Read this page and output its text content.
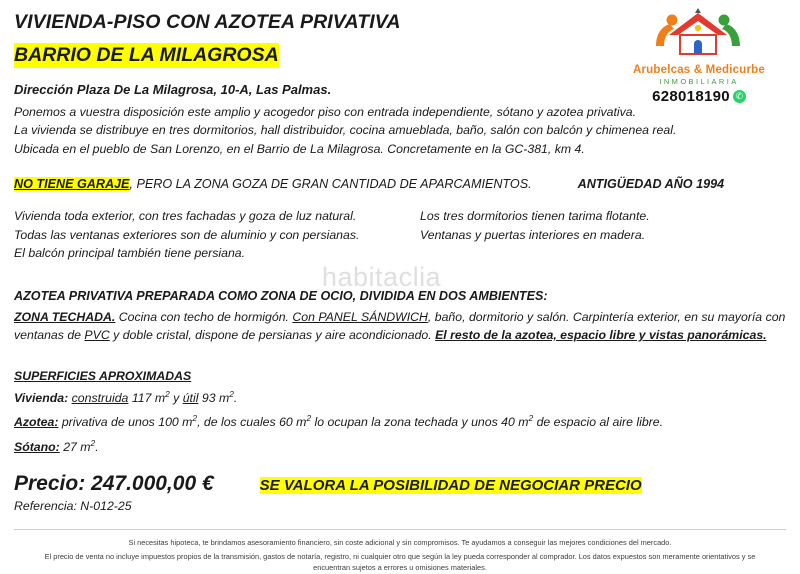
Arubelcas & Medicurbe
INMOBILIARIA
628018190 ✆
VIVIENDA-PISO CON AZOTEA PRIVATIVA
BARRIO DE LA MILAGROSA
Dirección Plaza De La Milagrosa, 10-A, Las Palmas.
Ponemos a vuestra disposición este amplio y acogedor piso con entrada independiente, sótano y azotea privativa.
La vivienda se distribuye en tres dormitorios, hall distribuidor, cocina amueblada, baño, salón con balcón y chimenea real.
Ubicada en el pueblo de San Lorenzo, en el Barrio de La Milagrosa. Concretamente en la GC-381, km 4.
NO TIENE GARAJE, PERO LA ZONA GOZA DE GRAN CANTIDAD DE APARCAMIENTOS.	ANTIGÜEDAD AÑO 1994
Vivienda toda exterior, con tres fachadas y goza de luz natural.
Todas las ventanas exteriores son de aluminio y con persianas.
El balcón principal también tiene persiana.
Los tres dormitorios tienen tarima flotante.
Ventanas y puertas interiores en madera.
AZOTEA PRIVATIVA PREPARADA COMO ZONA DE OCIO, DIVIDIDA EN DOS AMBIENTES:
ZONA TECHADA. Cocina con techo de hormigón. Con PANEL SÁNDWICH, baño, dormitorio y salón. Carpintería exterior, en su mayoría con ventanas de PVC y doble cristal, dispone de persianas y aire acondicionado. El resto de la azotea, espacio libre y vistas panorámicas.
SUPERFICIES APROXIMADAS
Vivienda: construida 117 $m^2$ y útil 93 $m^2$.
Azotea: privativa de unos 100 $m^2$, de los cuales 60 $m^2$ lo ocupan la zona techada y unos 40 $m^2$ de espacio al aire libre.
Sótano: 27 $m^2$.
Precio: 247.000,00 €	SE VALORA LA POSIBILIDAD DE NEGOCIAR PRECIO
Referencia: N-012-25
Si necesitas hipoteca, te brindamos asesoramiento financiero, sin coste adicional y sin compromisos. Te ayudamos a conseguir las mejores condiciones del mercado.
El precio de venta no incluye impuestos propios de la transmisión, gastos de notaría, registro, ni cualquier otro que según la ley pueda corresponder al comprador. Los datos expuestos son meramente orientativos y se encuentran sujetos a errores u omisiones materiales.
habitaclia
